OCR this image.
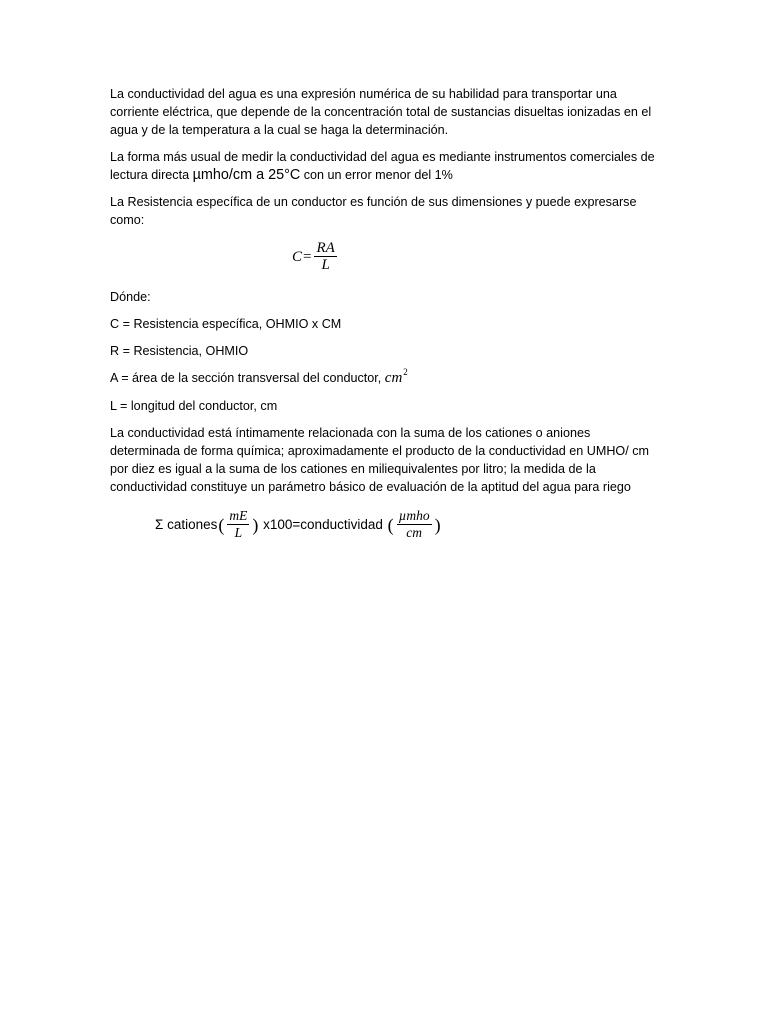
La conductividad del agua es una expresión numérica de su habilidad para transportar una corriente eléctrica, que depende de la concentración total de sustancias disueltas ionizadas en el agua y de la temperatura a la cual se haga la determinación.

La forma más usual de medir la conductividad del agua es mediante instrumentos comerciales de lectura directa µmho/cm a 25°C con un error menor del 1%

La Resistencia específica de un conductor es función de sus dimensiones y puede expresarse como:

$C = \frac{RA}{L}$

Dónde:

C = Resistencia específica, OHMIO x CM

R = Resistencia, OHMIO

A = área de la sección transversal del conductor, $cm^2$

L = longitud del conductor, cm

La conductividad está íntimamente relacionada con la suma de los cationes o aniones determinada de forma química; aproximadamente el producto de la conductividad en UMHO/ cm por diez es igual a la suma de los cationes en miliequivalentes por litro; la medida de la conductividad constituye un parámetro básico de evaluación de la aptitud del agua para riego

Σ cationes ( $\frac{mE}{L}$ ) x100=conductividad ( $\frac{\text{µmho}}{cm}$ )
